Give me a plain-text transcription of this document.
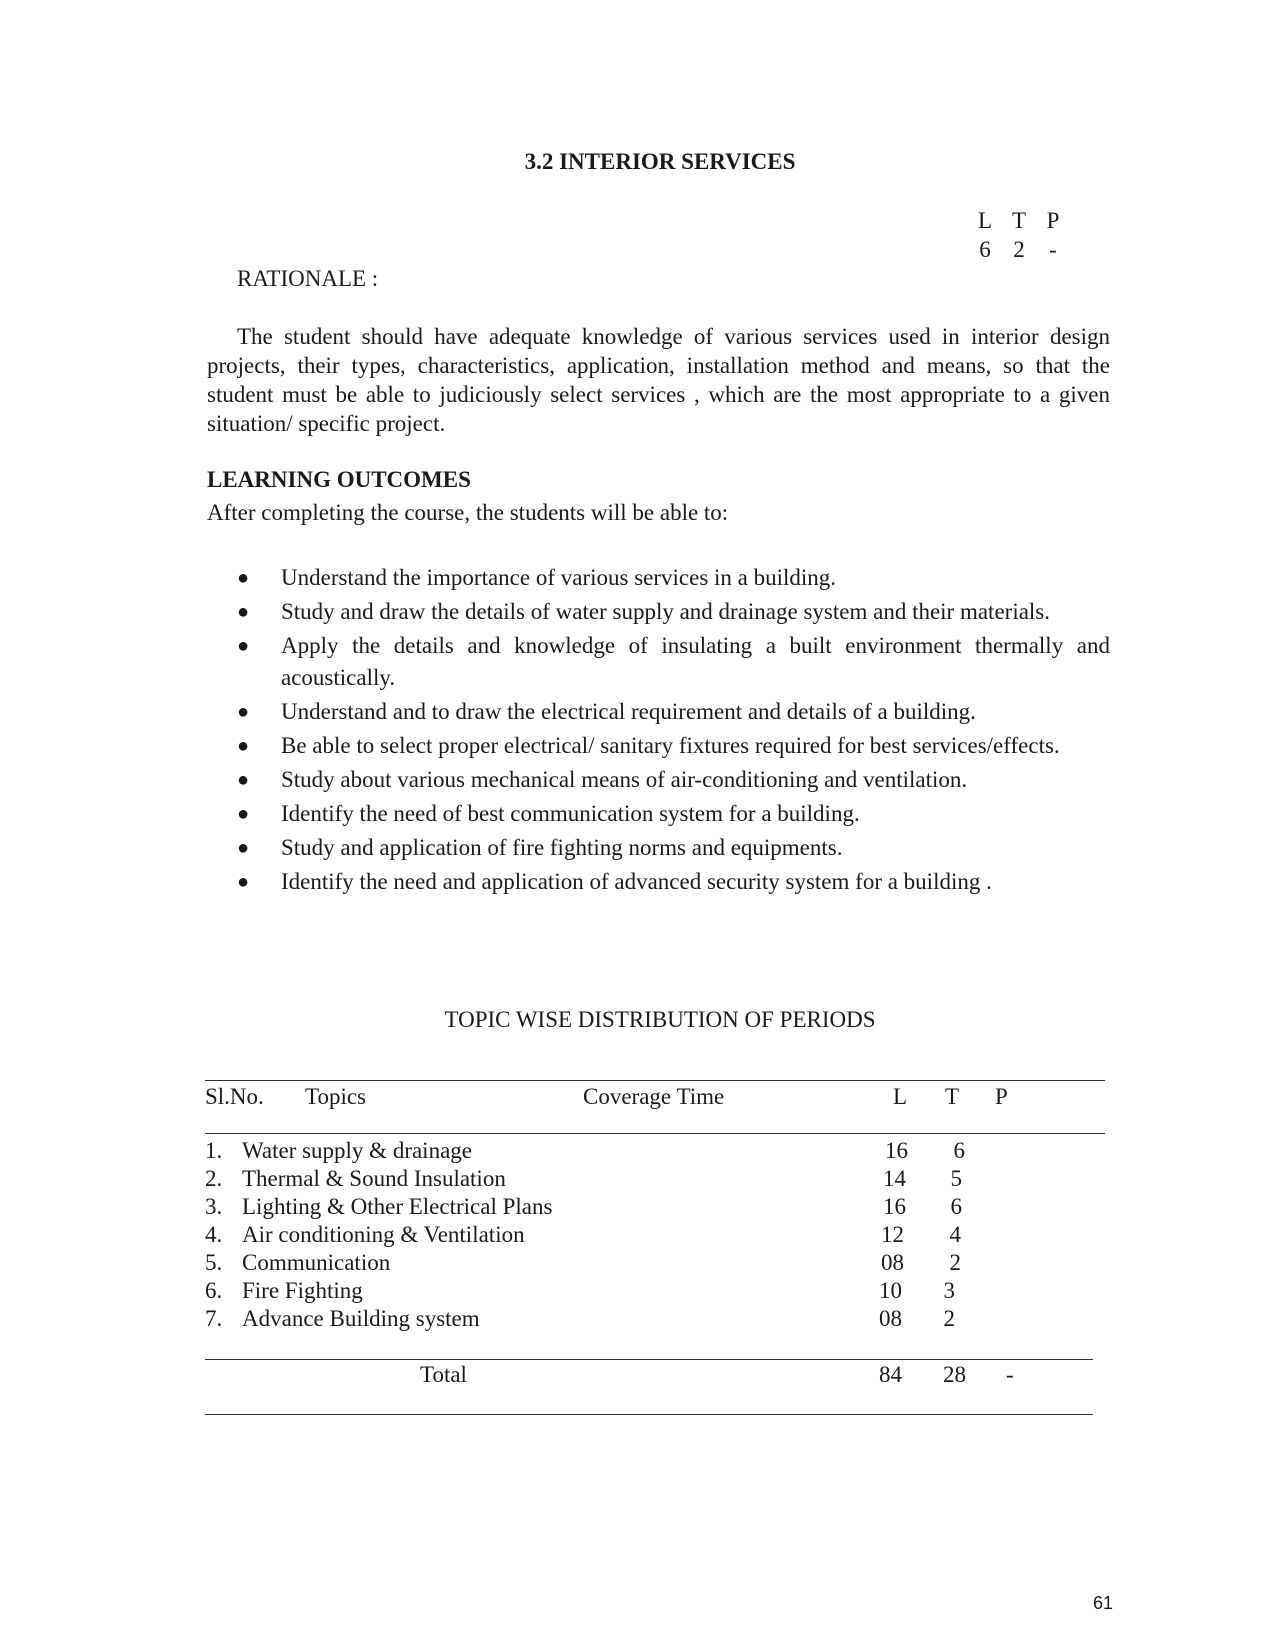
3.2 INTERIOR SERVICES
L T P
6 2 -
RATIONALE :
The student should have adequate knowledge of various services used in interior design projects, their types, characteristics, application, installation method and means, so that the student must be able to judiciously select services , which are the most appropriate to a given situation/ specific project.
LEARNING OUTCOMES
After completing the course, the students will be able to:
● Understand the importance of various services in a building.
● Study and draw the details of water supply and drainage system and their materials.
● Apply the details and knowledge of insulating a built environment thermally and acoustically.
● Understand and to draw the electrical requirement and details of a building.
● Be able to select proper electrical/ sanitary fixtures required for best services/effects.
● Study about various mechanical means of air-conditioning and ventilation.
● Identify the need of best communication system for a building.
● Study and application of fire fighting norms and equipments.
● Identify the need and application of advanced security system for a building .
TOPIC WISE DISTRIBUTION OF PERIODS
Sl.No. Topics	Coverage Time	L T P
1. Water supply & drainage	16	6
2. Thermal & Sound Insulation	14	5
3. Lighting & Other Electrical Plans	16	6
4. Air conditioning & Ventilation	12	4
5. Communication	08	2
6. Fire Fighting	10	3
7. Advance Building system	08	2
Total	84	28 -
61
